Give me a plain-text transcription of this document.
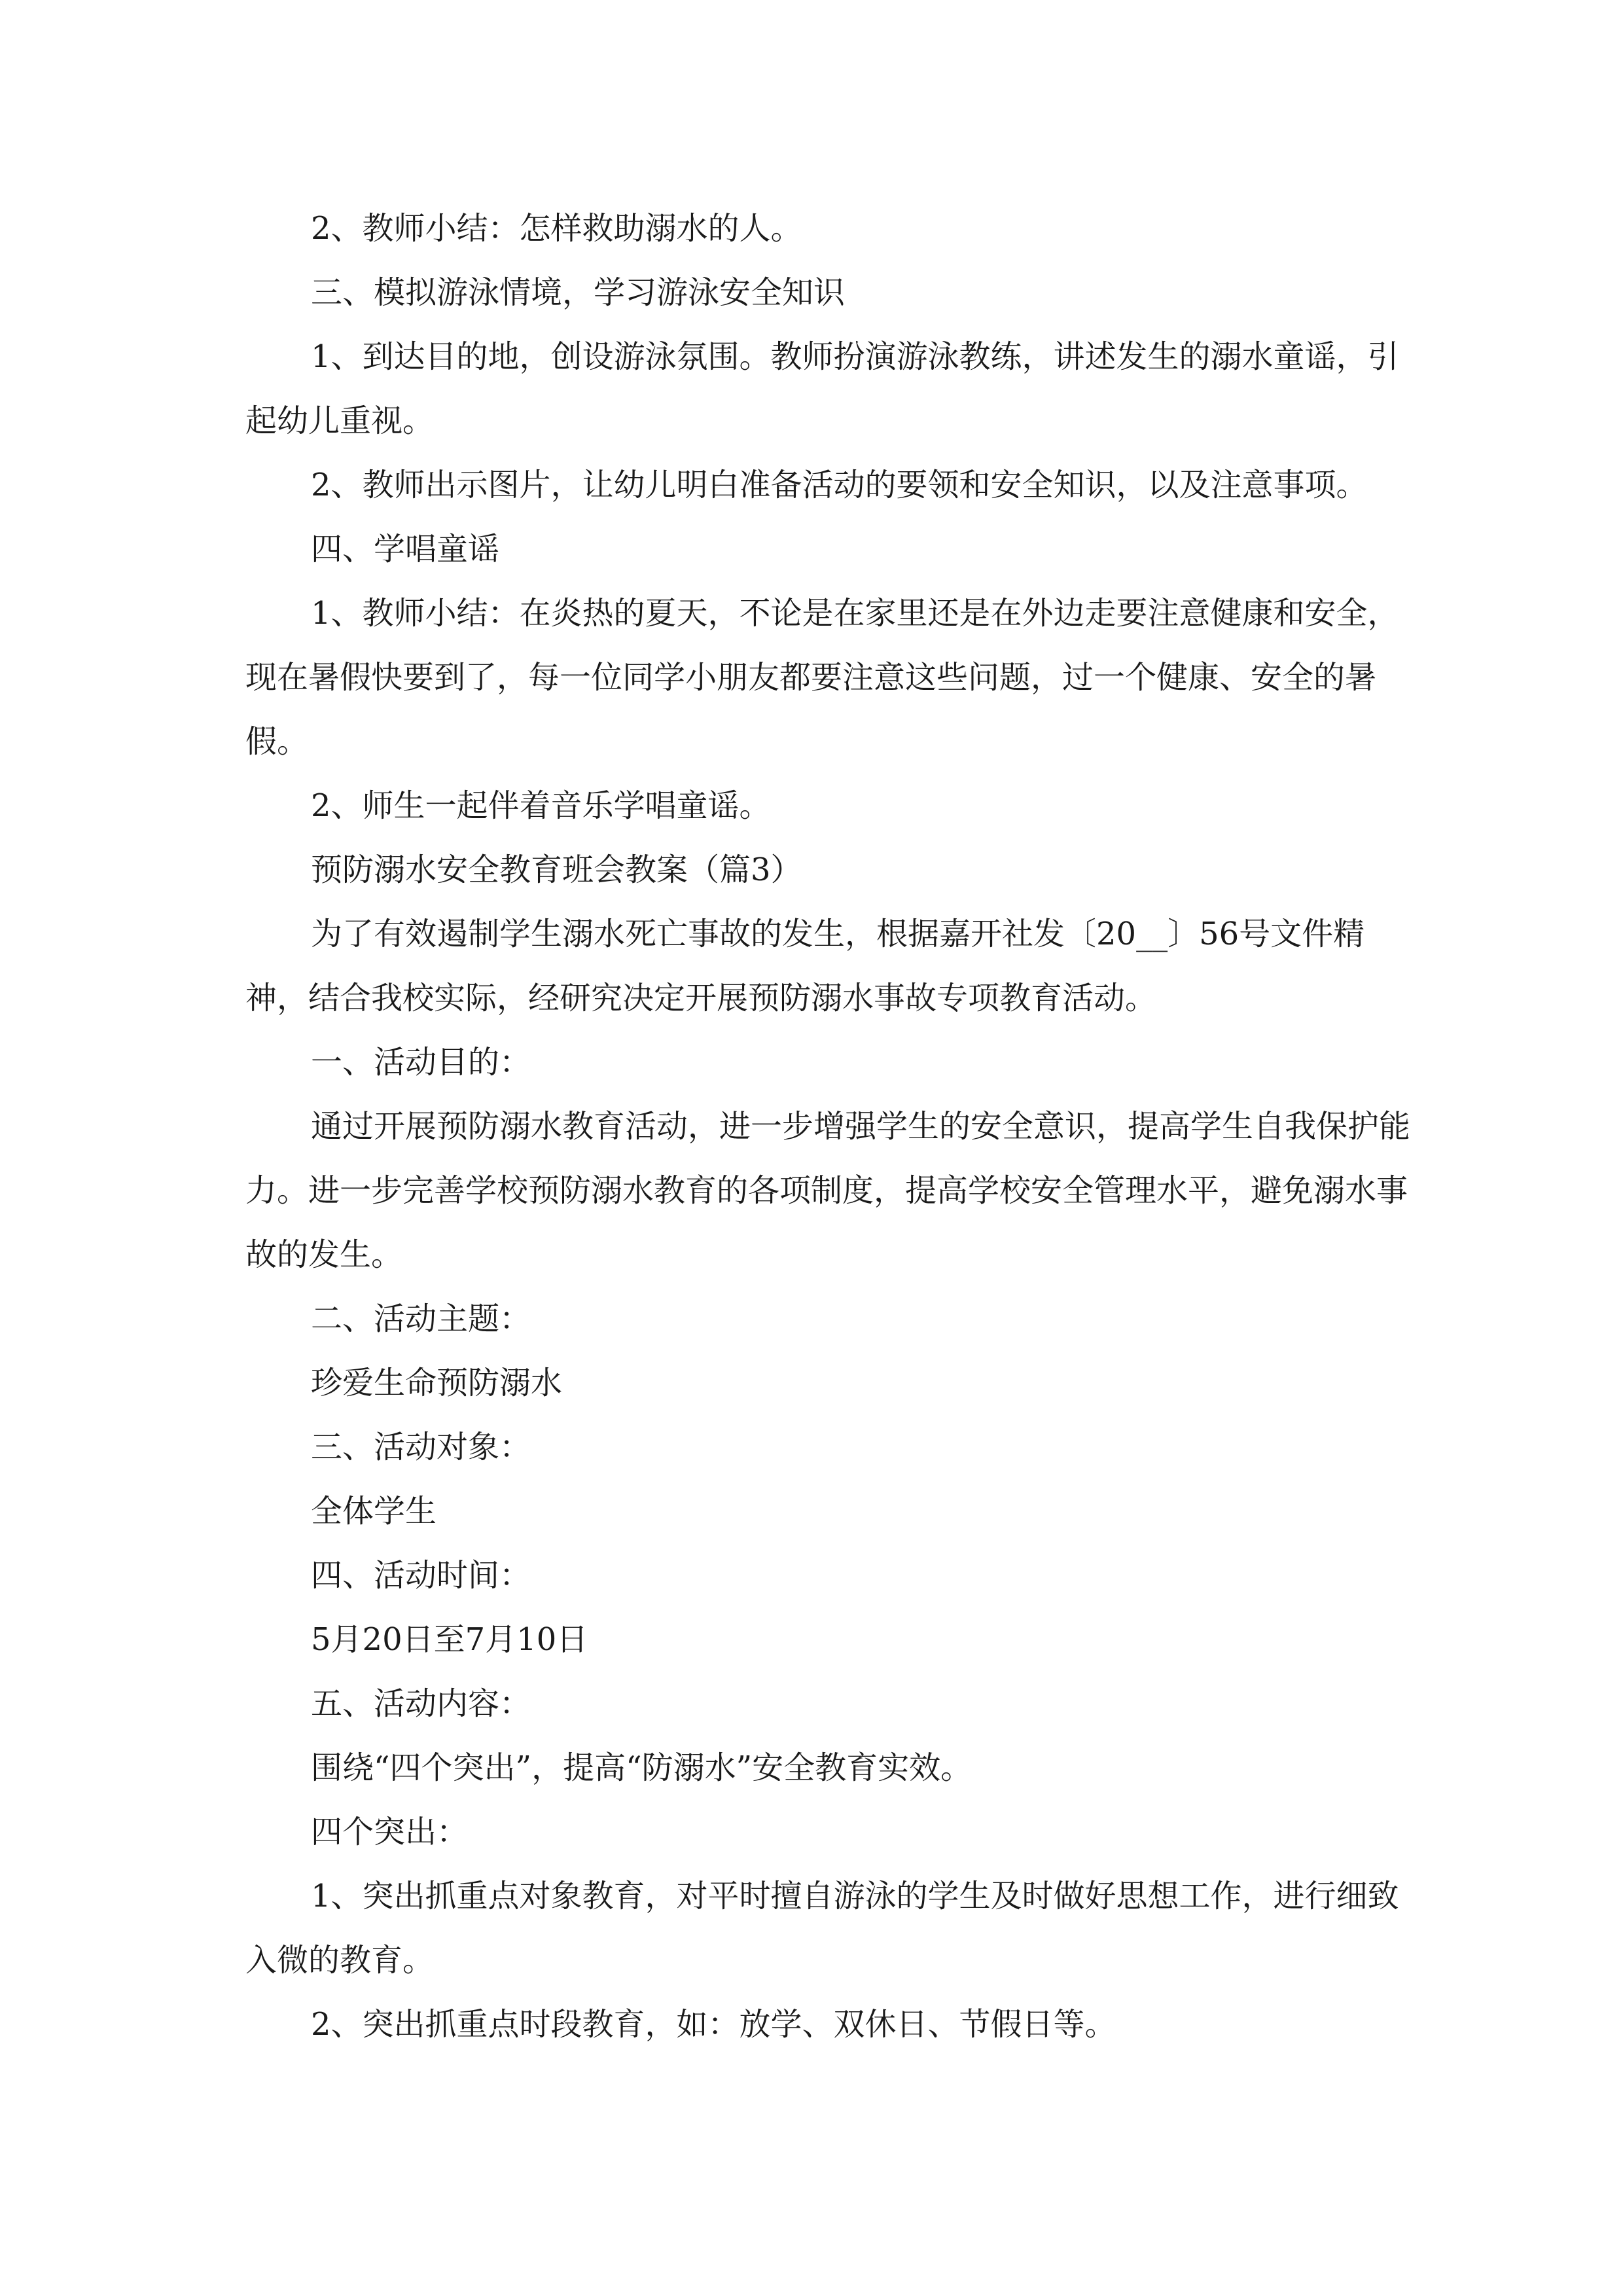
2、教师小结：怎样救助溺水的人。

三、模拟游泳情境，学习游泳安全知识

1、到达目的地，创设游泳氛围。教师扮演游泳教练，讲述发生的溺水童谣，引起幼儿重视。

2、教师出示图片，让幼儿明白准备活动的要领和安全知识，以及注意事项。

四、学唱童谣

1、教师小结：在炎热的夏天，不论是在家里还是在外边走要注意健康和安全，现在暑假快要到了，每一位同学小朋友都要注意这些问题，过一个健康、安全的暑假。

2、师生一起伴着音乐学唱童谣。

预防溺水安全教育班会教案（篇3）

为了有效遏制学生溺水死亡事故的发生，根据嘉开社发〔20__〕56号文件精神，结合我校实际，经研究决定开展预防溺水事故专项教育活动。

一、活动目的：

通过开展预防溺水教育活动，进一步增强学生的安全意识，提高学生自我保护能力。进一步完善学校预防溺水教育的各项制度，提高学校安全管理水平，避免溺水事故的发生。

二、活动主题：

珍爱生命预防溺水

三、活动对象：

全体学生

四、活动时间：

5月20日至7月10日

五、活动内容：

围绕“四个突出”，提高“防溺水”安全教育实效。

四个突出：

1、突出抓重点对象教育，对平时擅自游泳的学生及时做好思想工作，进行细致入微的教育。

2、突出抓重点时段教育，如：放学、双休日、节假日等。
